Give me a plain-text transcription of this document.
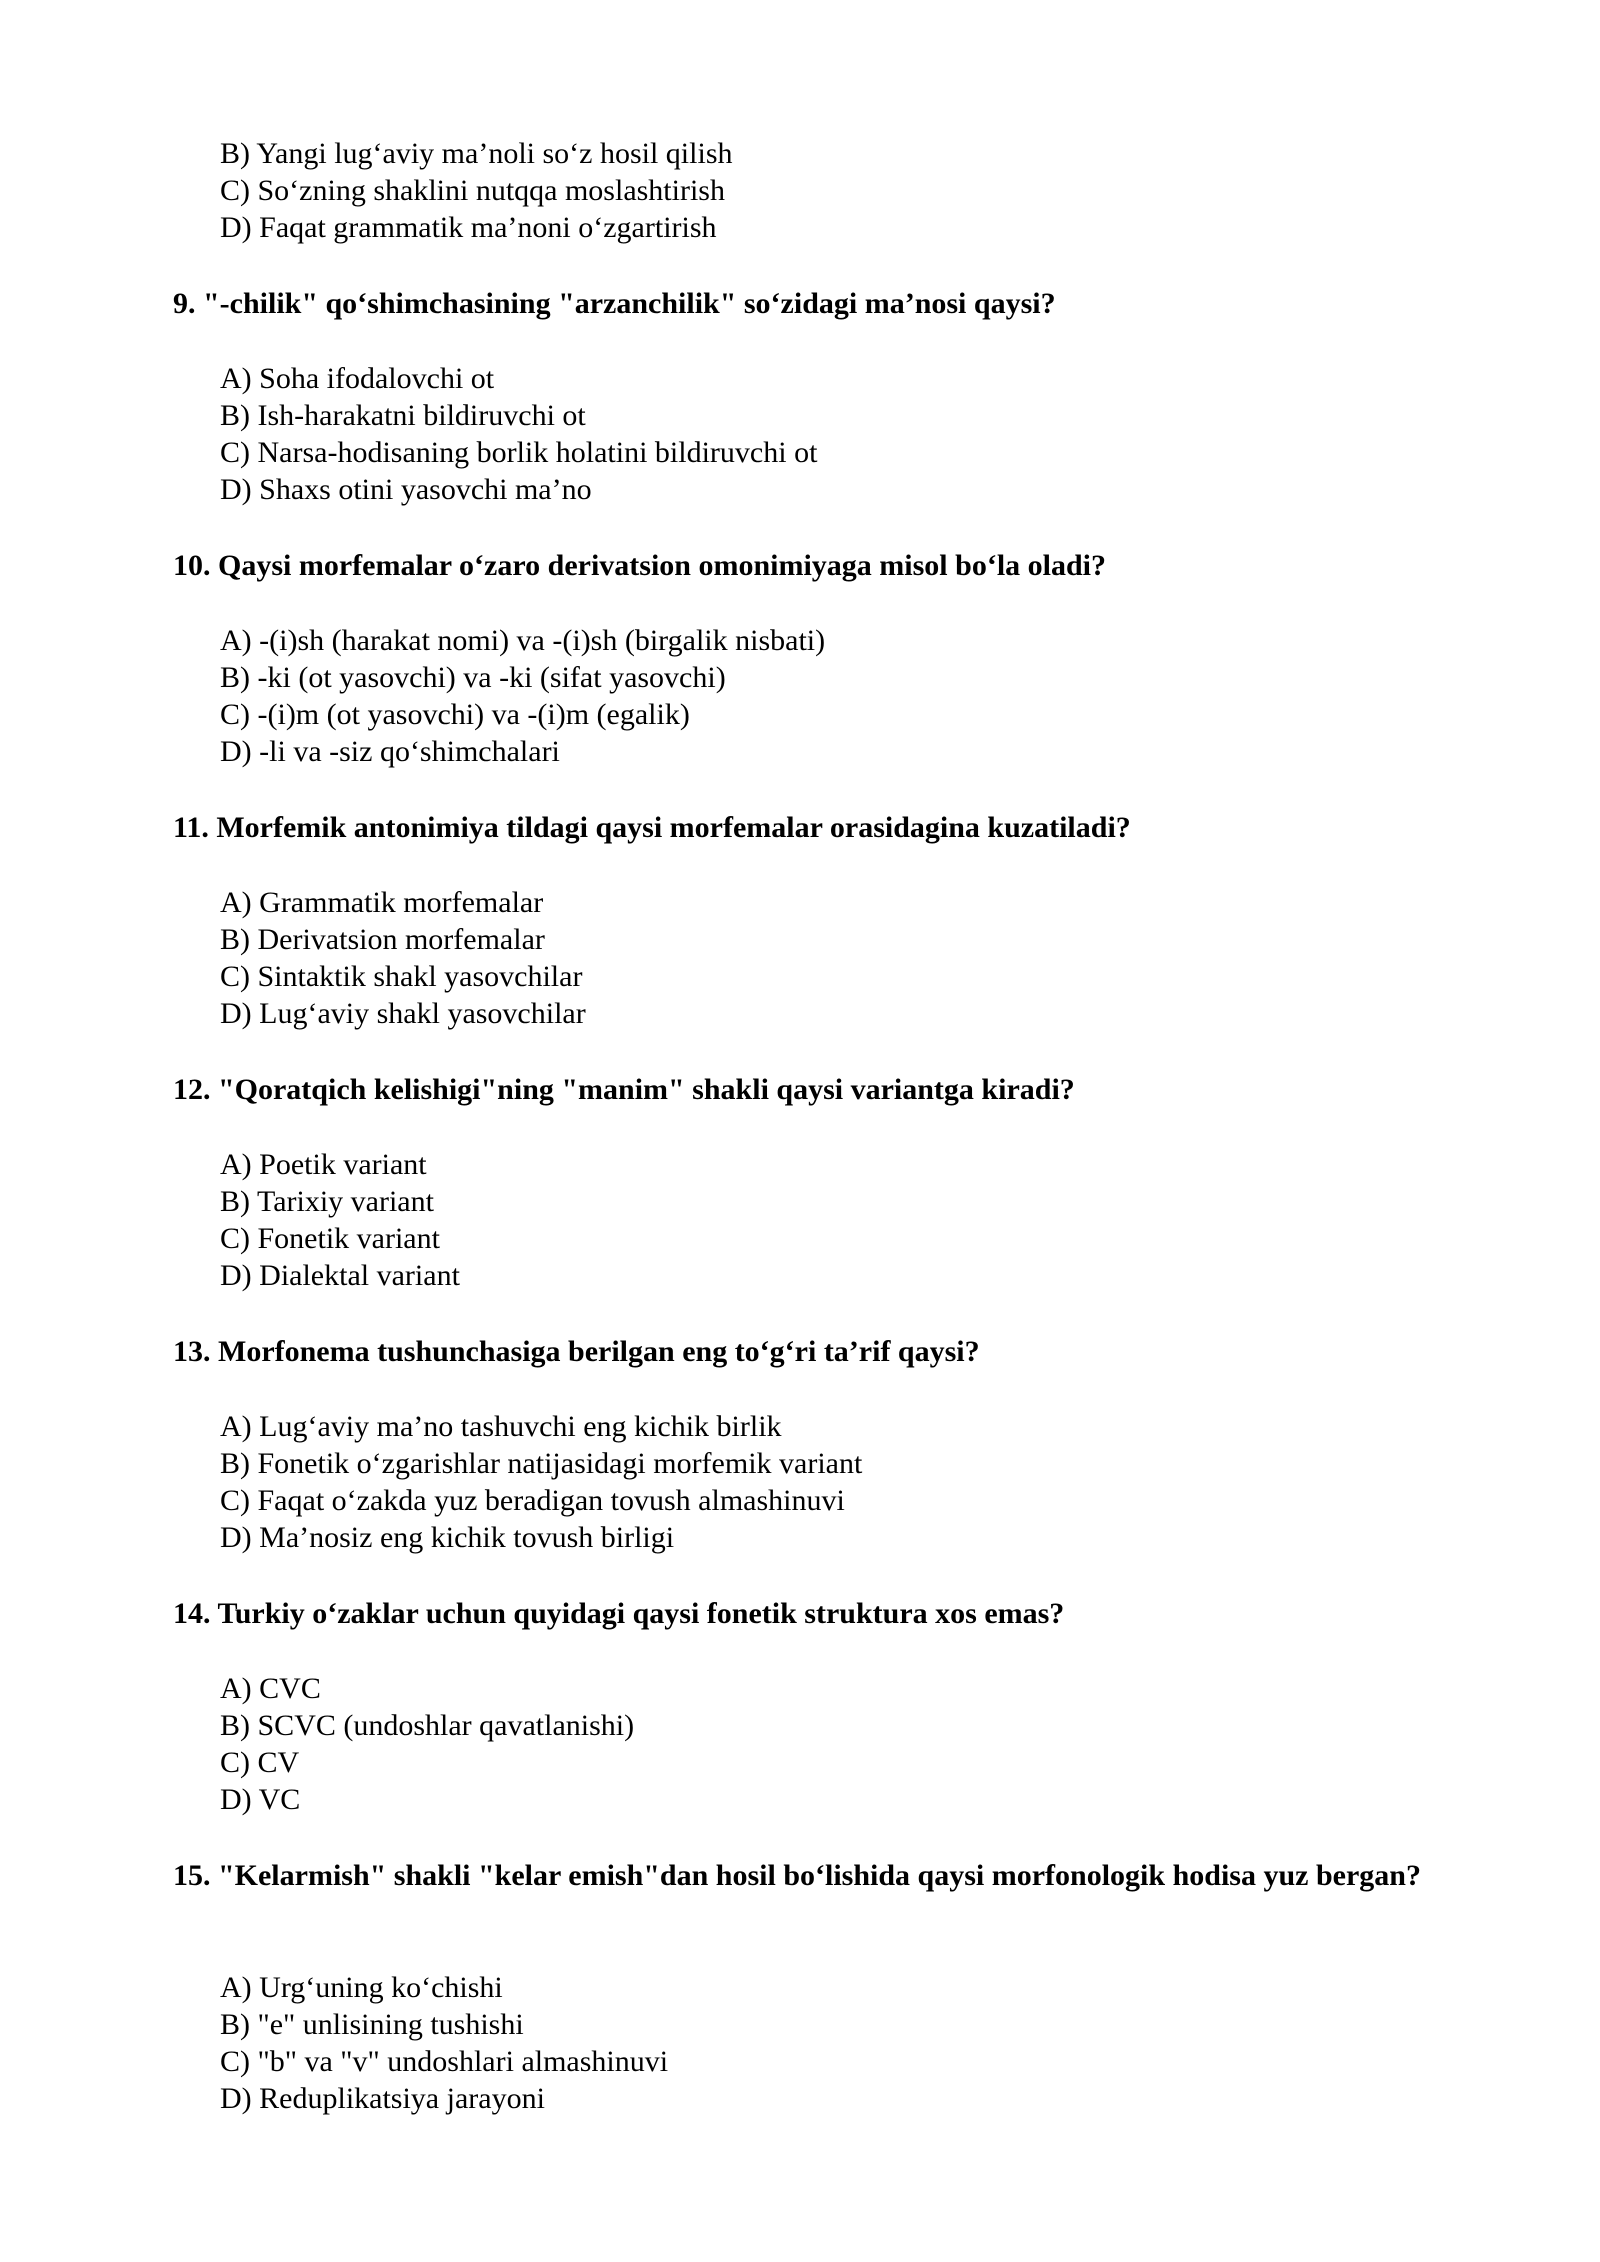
B) Yangi lug‘aviy ma’noli so‘z hosil qilish
C) So‘zning shaklini nutqqa moslashtirish
D) Faqat grammatik ma’noni o‘zgartirish
9. "-chilik" qo‘shimchasining "arzanchilik" so‘zidagi ma’nosi qaysi?
A) Soha ifodalovchi ot
B) Ish-harakatni bildiruvchi ot
C) Narsa-hodisaning borlik holatini bildiruvchi ot
D) Shaxs otini yasovchi ma’no
10. Qaysi morfemalar o‘zaro derivatsion omonimiyaga misol bo‘la oladi?
A) -(i)sh (harakat nomi) va -(i)sh (birgalik nisbati)
B) -ki (ot yasovchi) va -ki (sifat yasovchi)
C) -(i)m (ot yasovchi) va -(i)m (egalik)
D) -li va -siz qo‘shimchalari
11. Morfemik antonimiya tildagi qaysi morfemalar orasidagina kuzatiladi?
A) Grammatik morfemalar
B) Derivatsion morfemalar
C) Sintaktik shakl yasovchilar
D) Lug‘aviy shakl yasovchilar
12. "Qoratqich kelishigi"ning "manim" shakli qaysi variantga kiradi?
A) Poetik variant
B) Tarixiy variant
C) Fonetik variant
D) Dialektal variant
13. Morfonema tushunchasiga berilgan eng to‘g‘ri ta’rif qaysi?
A) Lug‘aviy ma’no tashuvchi eng kichik birlik
B) Fonetik o‘zgarishlar natijasidagi morfemik variant
C) Faqat o‘zakda yuz beradigan tovush almashinuvi
D) Ma’nosiz eng kichik tovush birligi
14. Turkiy o‘zaklar uchun quyidagi qaysi fonetik struktura xos emas?
A) CVC
B) SCVC (undoshlar qavatlanishi)
C) CV
D) VC
15. "Kelarmish" shakli "kelar emish"dan hosil bo‘lishida qaysi morfonologik hodisa yuz bergan?
A) Urg‘uning ko‘chishi
B) "e" unlisining tushishi
C) "b" va "v" undoshlari almashinuvi
D) Reduplikatsiya jarayoni
